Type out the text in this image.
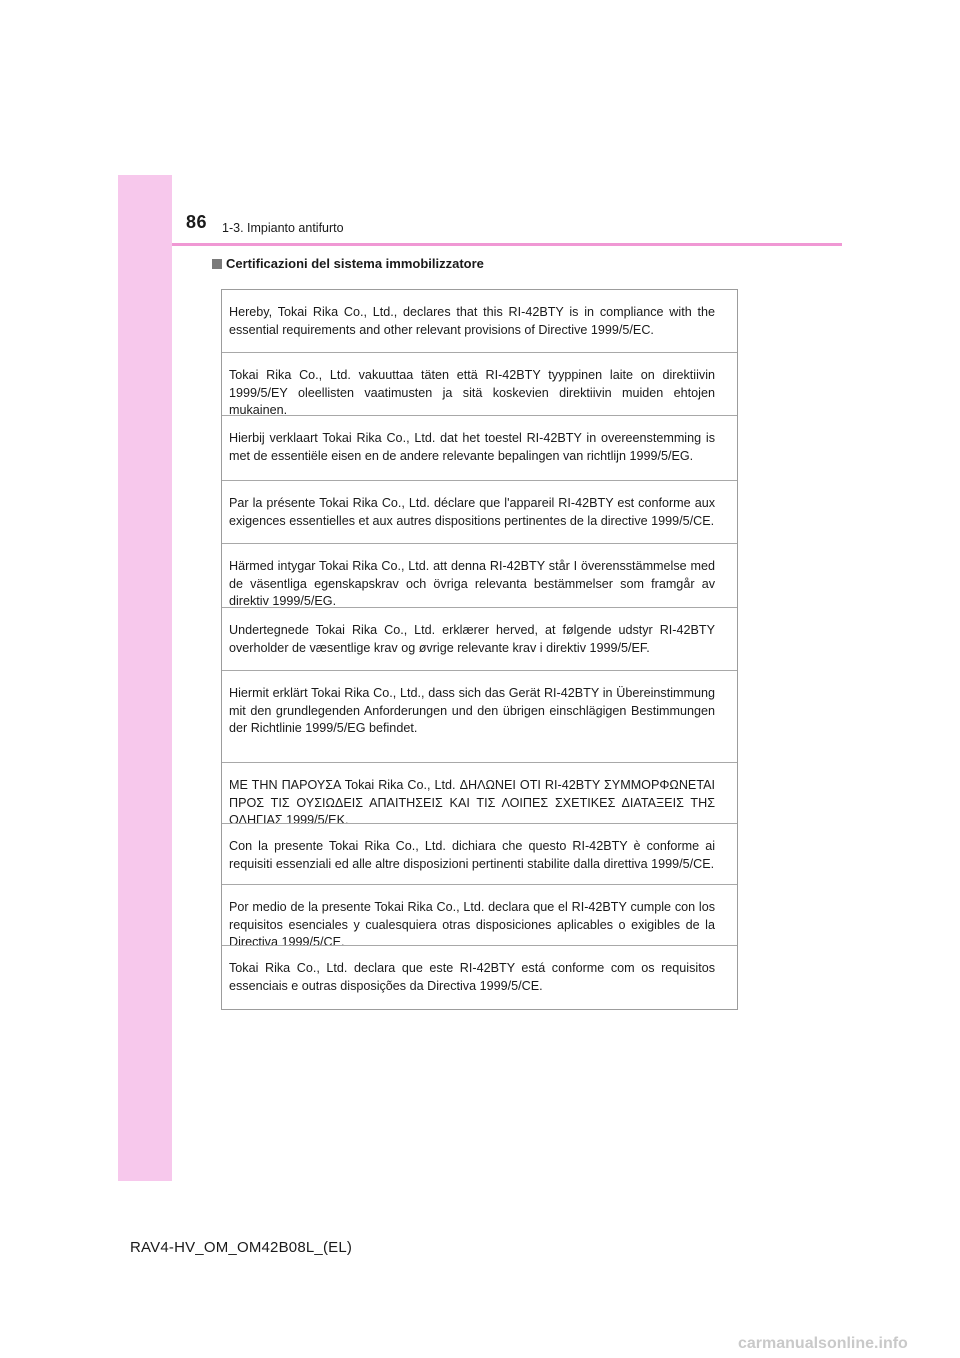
86 1-3. Impianto antifurto
Certificazioni del sistema immobilizzatore

Hereby, Tokai Rika Co., Ltd., declares that this RI-42BTY is in compliance with the essential requirements and other relevant provisions of Directive 1999/5/EC.

Tokai Rika Co., Ltd. vakuuttaa täten että RI-42BTY tyyppinen laite on direktiivin 1999/5/EY oleellisten vaatimusten ja sitä koskevien direktiivin muiden ehtojen mukainen.

Hierbij verklaart Tokai Rika Co., Ltd. dat het toestel RI-42BTY in overeenstemming is met de essentiële eisen en de andere relevante bepalingen van richtlijn 1999/5/EG.

Par la présente Tokai Rika Co., Ltd. déclare que l'appareil RI-42BTY est conforme aux exigences essentielles et aux autres dispositions pertinentes de la directive 1999/5/CE.

Härmed intygar Tokai Rika Co., Ltd. att denna RI-42BTY står I överensstämmelse med de väsentliga egenskapskrav och övriga relevanta bestämmelser som framgår av direktiv 1999/5/EG.

Undertegnede Tokai Rika Co., Ltd. erklærer herved, at følgende udstyr RI-42BTY overholder de væsentlige krav og øvrige relevante krav i direktiv 1999/5/EF.

Hiermit erklärt Tokai Rika Co., Ltd., dass sich das Gerät RI-42BTY in Übereinstimmung mit den grundlegenden Anforderungen und den übrigen einschlägigen Bestimmungen der Richtlinie 1999/5/EG befindet.

ΜΕ ΤΗΝ ΠΑΡΟΥΣΑ Tokai Rika Co., Ltd. ΔΗΛΩΝΕΙ ΟΤΙ RI-42BTY ΣΥΜΜΟΡΦΩΝΕΤΑΙ ΠΡΟΣ ΤΙΣ ΟΥΣΙΩΔΕΙΣ ΑΠΑΙΤΗΣΕΙΣ ΚΑΙ ΤΙΣ ΛΟΙΠΕΣ ΣΧΕΤΙΚΕΣ ΔΙΑΤΑΞΕΙΣ ΤΗΣ ΟΔΗΓΙΑΣ 1999/5/ΕΚ.

Con la presente Tokai Rika Co., Ltd. dichiara che questo RI-42BTY è conforme ai requisiti essenziali ed alle altre disposizioni pertinenti stabilite dalla direttiva 1999/5/CE.

Por medio de la presente Tokai Rika Co., Ltd. declara que el RI-42BTY cumple con los requisitos esenciales y cualesquiera otras disposiciones aplicables o exigibles de la Directiva 1999/5/CE.

Tokai Rika Co., Ltd. declara que este RI-42BTY está conforme com os requisitos essenciais e outras disposições da Directiva 1999/5/CE.

RAV4-HV_OM_OM42B08L_(EL)
carmanualsonline.info
